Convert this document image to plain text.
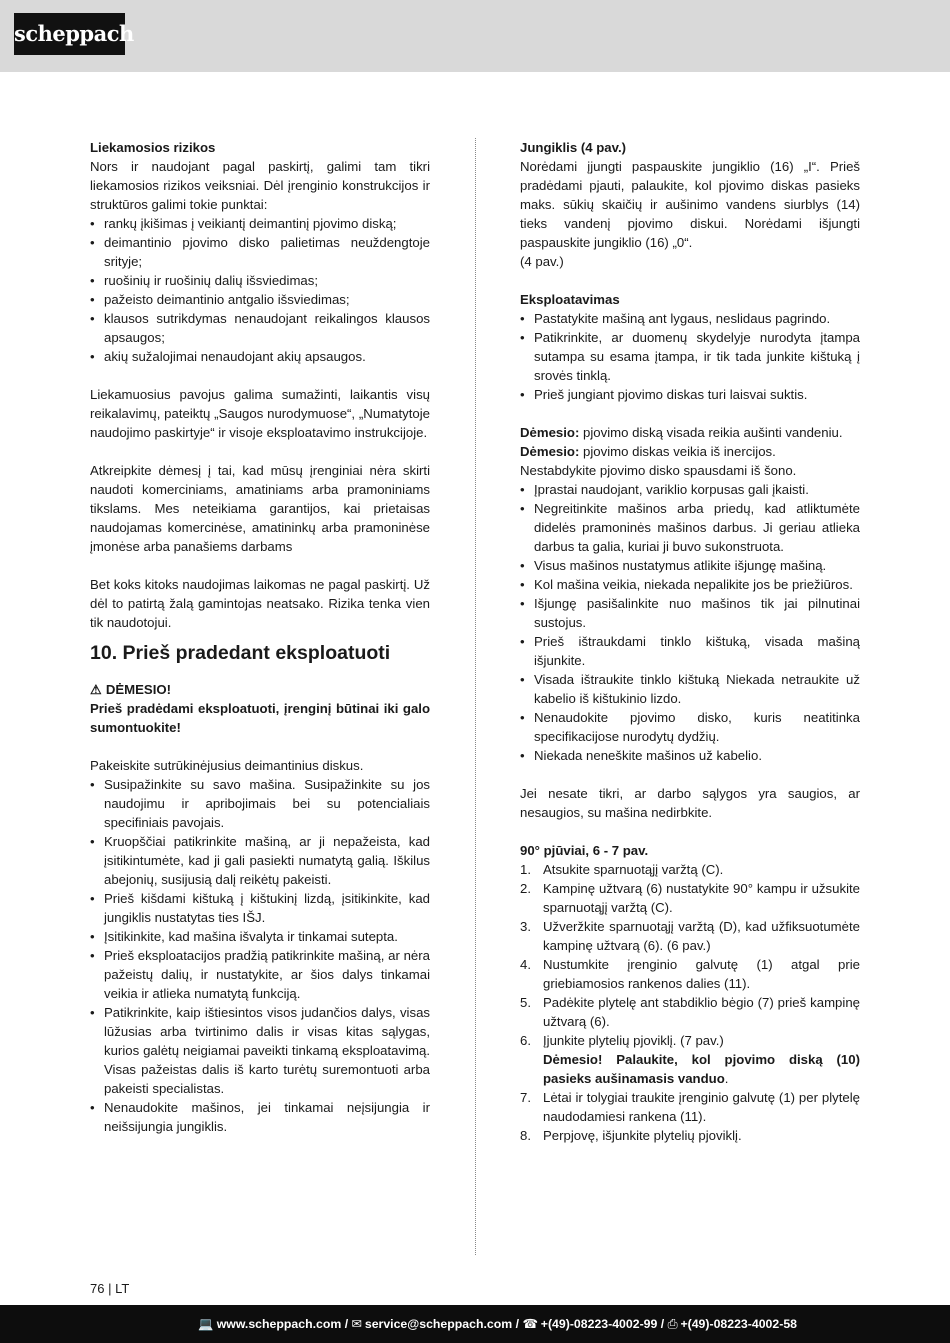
scheppach

Liekamosios rizikos

Nors ir naudojant pagal paskirtį, galimi tam tikri liekamosios rizikos veiksniai. Dėl įrenginio konstrukcijos ir struktūros galimi tokie punktai:

• rankų įkišimas į veikiantį deimantinį pjovimo diską;
• deimantinio pjovimo disko palietimas neuždengtoje srityje;
• ruošinių ir ruošinių dalių išsviedimas;
• pažeisto deimantinio antgalio išsviedimas;
• klausos sutrikdymas nenaudojant reikalingos klausos apsaugos;
• akių sužalojimai nenaudojant akių apsaugos.

Liekamuosius pavojus galima sumažinti, laikantis visų reikalavimų, pateiktų „Saugos nurodymuose“, „Numatytoje naudojimo paskirtyje“ ir visoje eksploatavimo instrukcijoje.

Atkreipkite dėmesį į tai, kad mūsų įrenginiai nėra skirti naudoti komerciniams, amatiniams arba pramoniniams tikslams. Mes neteikiama garantijos, kai prietaisas naudojamas komercinėse, amatininkų arba pramoninėse įmonėse arba panašiems darbams

Bet koks kitoks naudojimas laikomas ne pagal paskirtį. Už dėl to patirtą žalą gamintojas neatsako. Rizika tenka vien tik naudotojui.

10. Prieš pradedant eksploatuoti

⚠ DĖMESIO!

Prieš pradėdami eksploatuoti, įrenginį būtinai iki galo sumontuokite!

Pakeiskite sutrūkinėjusius deimantinius diskus.

• Susipažinkite su savo mašina. Susipažinkite su jos naudojimu ir apribojimais bei su potencialiais specifiniais pavojais.
• Kruopščiai patikrinkite mašiną, ar ji nepažeista, kad įsitikintumėte, kad ji gali pasiekti numatytą galią. Iškilus abejonių, susijusią dalį reikėtų pakeisti.
• Prieš kišdami kištuką į kištukinį lizdą, įsitikinkite, kad jungiklis nustatytas ties IŠJ.
• Įsitikinkite, kad mašina išvalyta ir tinkamai sutepta.
• Prieš eksploatacijos pradžią patikrinkite mašiną, ar nėra pažeistų dalių, ir nustatykite, ar šios dalys tinkamai veikia ir atlieka numatytą funkciją.
• Patikrinkite, kaip ištiesintos visos judančios dalys, visas lūžusias arba tvirtinimo dalis ir visas kitas sąlygas, kurios galėtų neigiamai paveikti tinkamą eksploatavimą. Visas pažeistas dalis iš karto turėtų suremontuoti arba pakeisti specialistas.
• Nenaudokite mašinos, jei tinkamai neįsijungia ir neišsijungia jungiklis.

Jungiklis (4 pav.)

Norėdami įjungti paspauskite jungiklio (16) „I“. Prieš pradėdami pjauti, palaukite, kol pjovimo diskas pasieks maks. sūkių skaičių ir aušinimo vandens siurblys (14) tieks vandenį pjovimo diskui. Norėdami išjungti paspauskite jungiklio (16) „0“.

(4 pav.)

Eksploatavimas

• Pastatykite mašiną ant lygaus, neslidaus pagrindo.
• Patikrinkite, ar duomenų skydelyje nurodyta įtampa sutampa su esama įtampa, ir tik tada junkite kištuką į srovės tinklą.
• Prieš jungiant pjovimo diskas turi laisvai suktis.

Dėmesio: pjovimo diską visada reikia aušinti vandeniu.

Dėmesio: pjovimo diskas veikia iš inercijos.

Nestabdykite pjovimo disko spausdami iš šono.

• Įprastai naudojant, variklio korpusas gali įkaisti.
• Negreitinkite mašinos arba priedų, kad atliktumėte didelės pramoninės mašinos darbus. Ji geriau atlieka darbus ta galia, kuriai ji buvo sukonstruota.
• Visus mašinos nustatymus atlikite išjungę mašiną.
• Kol mašina veikia, niekada nepalikite jos be priežiūros.
• Išjungę pasišalinkite nuo mašinos tik jai pilnutinai sustojus.
• Prieš ištraukdami tinklo kištuką, visada mašiną išjunkite.
• Visada ištraukite tinklo kištuką Niekada netraukite už kabelio iš kištukinio lizdo.
• Nenaudokite pjovimo disko, kuris neatitinka specifikacijose nurodytų dydžių.
• Niekada neneškite mašinos už kabelio.

Jei nesate tikri, ar darbo sąlygos yra saugios, ar nesaugios, su mašina nedirbkite.

90° pjūviai, 6 - 7 pav.

1. Atsukite sparnuotąjį varžtą (C).
2. Kampinę užtvarą (6) nustatykite 90° kampu ir užsukite sparnuotąjį varžtą (C).
3. Užveržkite sparnuotąjį varžtą (D), kad užfiksuotumėte kampinę užtvarą (6). (6 pav.)
4. Nustumkite įrenginio galvutę (1) atgal prie griebiamosios rankenos dalies (11).
5. Padėkite plytelę ant stabdiklio bėgio (7) prieš kampinę užtvarą (6).
6. Įjunkite plytelių pjoviklį. (7 pav.)
Dėmesio! Palaukite, kol pjovimo diską (10) pasieks aušinamasis vanduo.
7. Lėtai ir tolygiai traukite įrenginio galvutę (1) per plytelę naudodamiesi rankena (11).
8. Perpjovę, išjunkite plytelių pjoviklį.
76 | LT
💻 www.scheppach.com / ✉ service@scheppach.com / ☎ +(49)-08223-4002-99 / ⎙ +(49)-08223-4002-58
